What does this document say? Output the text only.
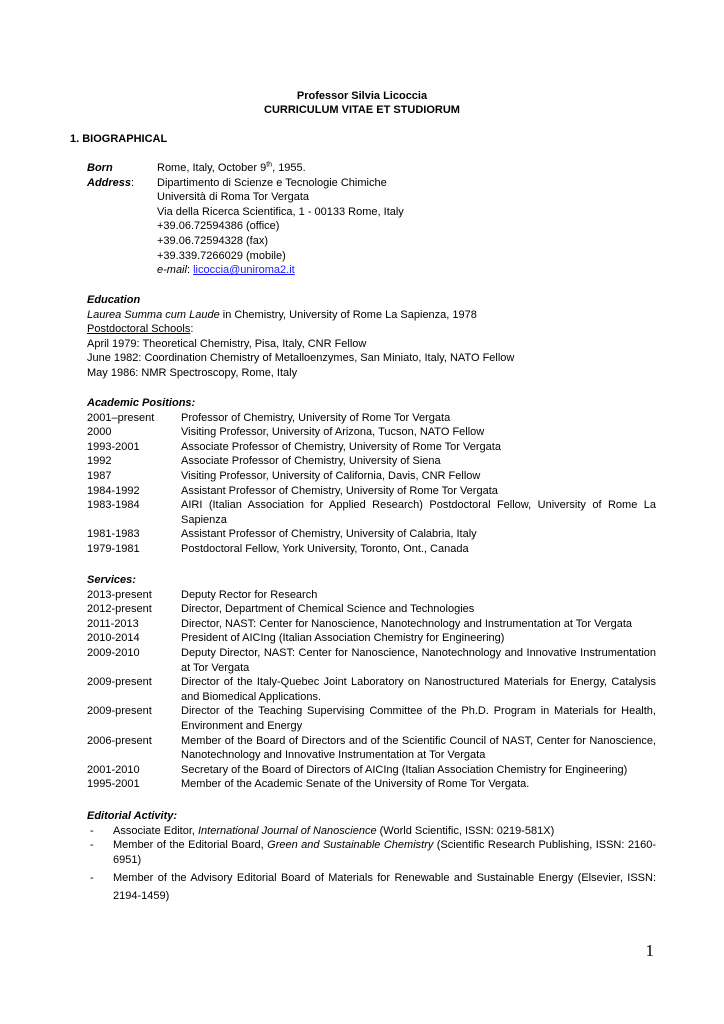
Professor Silvia Licoccia
CURRICULUM VITAE ET STUDIORUM
1. BIOGRAPHICAL
Born	Rome, Italy, October 9th, 1955.
Address:	Dipartimento di Scienze e Tecnologie Chimiche
Università di Roma Tor Vergata
Via della Ricerca Scientifica, 1 - 00133 Rome, Italy
+39.06.72594386 (office)
+39.06.72594328 (fax)
+39.339.7266029 (mobile)
e-mail: licoccia@uniroma2.it
Education
Laurea Summa cum Laude in Chemistry, University of Rome La Sapienza, 1978
Postdoctoral Schools:
April 1979: Theoretical Chemistry, Pisa, Italy, CNR Fellow
June 1982: Coordination Chemistry of Metalloenzymes, San Miniato, Italy, NATO Fellow
May 1986: NMR Spectroscopy, Rome, Italy
Academic Positions:
2001–present	Professor of Chemistry, University of Rome Tor Vergata
2000	Visiting Professor, University of Arizona, Tucson, NATO Fellow
1993-2001	Associate Professor of Chemistry, University of Rome Tor Vergata
1992	Associate Professor of Chemistry, University of Siena
1987	Visiting Professor, University of California, Davis, CNR Fellow
1984-1992	Assistant Professor of Chemistry, University of Rome Tor Vergata
1983-1984	AIRI (Italian Association for Applied Research) Postdoctoral Fellow, University of Rome La Sapienza
1981-1983	Assistant Professor of Chemistry, University of Calabria, Italy
1979-1981	Postdoctoral Fellow, York University, Toronto, Ont., Canada
Services:
2013-present	Deputy Rector for Research
2012-present	Director, Department of Chemical Science and Technologies
2011-2013	Director, NAST: Center for Nanoscience, Nanotechnology and Instrumentation at Tor Vergata
2010-2014	President of AICIng (Italian Association Chemistry for Engineering)
2009-2010	Deputy Director, NAST: Center for Nanoscience, Nanotechnology and Innovative Instrumentation at Tor Vergata
2009-present	Director of the Italy-Quebec Joint Laboratory on Nanostructured Materials for Energy, Catalysis and Biomedical Applications.
2009-present	Director of the Teaching Supervising Committee of the Ph.D. Program in Materials for Health, Environment and Energy
2006-present	Member of the Board of Directors and of the Scientific Council of NAST, Center for Nanoscience, Nanotechnology and Innovative Instrumentation at Tor Vergata
2001-2010	Secretary of the Board of Directors of AICIng (Italian Association Chemistry for Engineering)
1995-2001	Member of the Academic Senate of the University of Rome Tor Vergata.
Editorial Activity:
-	Associate Editor, International Journal of Nanoscience (World Scientific, ISSN: 0219-581X)
-	Member of the Editorial Board, Green and Sustainable Chemistry (Scientific Research Publishing, ISSN: 2160-6951)
-	Member of the Advisory Editorial Board of Materials for Renewable and Sustainable Energy (Elsevier, ISSN: 2194-1459)
1
